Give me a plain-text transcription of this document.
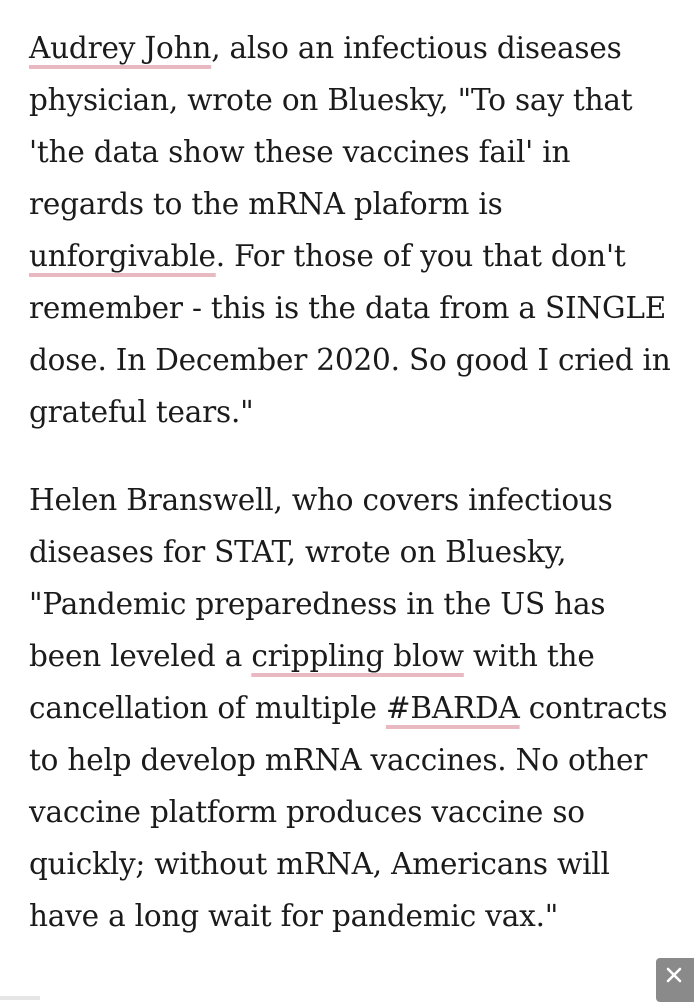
Audrey John, also an infectious diseases physician, wrote on Bluesky, "To say that 'the data show these vaccines fail' in regards to the mRNA plaform is unforgivable. For those of you that don't remember - this is the data from a SINGLE dose. In December 2020. So good I cried in grateful tears."

Helen Branswell, who covers infectious diseases for STAT, wrote on Bluesky, "Pandemic preparedness in the US has been leveled a crippling blow with the cancellation of multiple #BARDA contracts to help develop mRNA vaccines. No other vaccine platform produces vaccine so quickly; without mRNA, Americans will have a long wait for pandemic vax."
